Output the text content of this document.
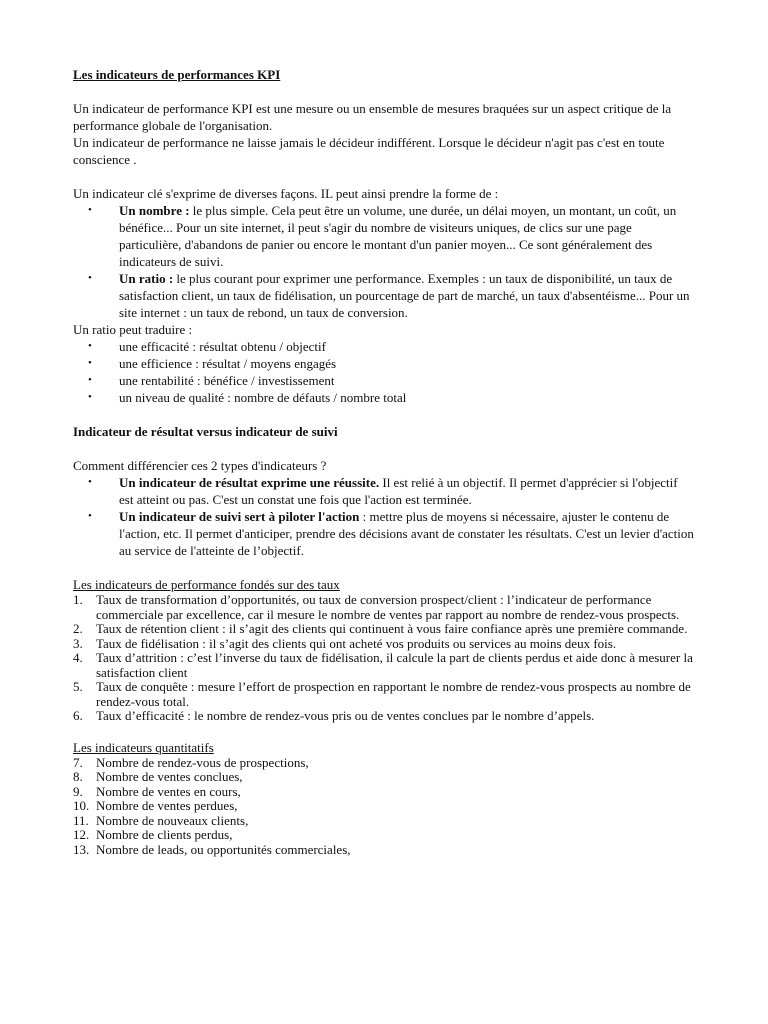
Les indicateurs de performances KPI

Un indicateur de performance KPI est une mesure ou un ensemble de mesures braquées sur un aspect critique de la performance globale de l'organisation.

Un indicateur de performance ne laisse jamais le décideur indifférent. Lorsque le décideur n'agit pas c'est en toute conscience .

Un indicateur clé s'exprime de diverses façons. IL peut ainsi prendre la forme de :

• Un nombre : le plus simple. Cela peut être un volume, une durée, un délai moyen, un montant, un coût, un bénéfice... Pour un site internet, il peut s'agir du nombre de visiteurs uniques, de clics sur une page particulière, d'abandons de panier ou encore le montant d'un panier moyen... Ce sont généralement des indicateurs de suivi.
• Un ratio : le plus courant pour exprimer une performance. Exemples : un taux de disponibilité, un taux de satisfaction client, un taux de fidélisation, un pourcentage de part de marché, un taux d'absentéisme... Pour un site internet : un taux de rebond, un taux de conversion.

Un ratio peut traduire :

• une efficacité : résultat obtenu / objectif
• une efficience : résultat / moyens engagés
• une rentabilité : bénéfice / investissement
• un niveau de qualité : nombre de défauts / nombre total

Indicateur de résultat versus indicateur de suivi

Comment différencier ces 2 types d'indicateurs ?

• Un indicateur de résultat exprime une réussite. Il est relié à un objectif. Il permet d'apprécier si l'objectif est atteint ou pas. C'est un constat une fois que l'action est terminée.
• Un indicateur de suivi sert à piloter l'action : mettre plus de moyens si nécessaire, ajuster le contenu de l'action, etc. Il permet d'anticiper, prendre des décisions avant de constater les résultats. C'est un levier d'action au service de l'atteinte de l’objectif.

Les indicateurs de performance fondés sur des taux

1. Taux de transformation d’opportunités, ou taux de conversion prospect/client : l’indicateur de performance commerciale par excellence, car il mesure le nombre de ventes par rapport au nombre de rendez-vous prospects.
2. Taux de rétention client : il s’agit des clients qui continuent à vous faire confiance après une première commande.
3. Taux de fidélisation : il s’agit des clients qui ont acheté vos produits ou services au moins deux fois.
4. Taux d’attrition : c’est l’inverse du taux de fidélisation, il calcule la part de clients perdus et aide donc à mesurer la satisfaction client
5. Taux de conquête : mesure l’effort de prospection en rapportant le nombre de rendez-vous prospects au nombre de rendez-vous total.
6. Taux d’efficacité : le nombre de rendez-vous pris ou de ventes conclues par le nombre d’appels.

Les indicateurs quantitatifs

7. Nombre de rendez-vous de prospections,
8. Nombre de ventes conclues,
9. Nombre de ventes en cours,
10. Nombre de ventes perdues,
11. Nombre de nouveaux clients,
12. Nombre de clients perdus,
13. Nombre de leads, ou opportunités commerciales,
